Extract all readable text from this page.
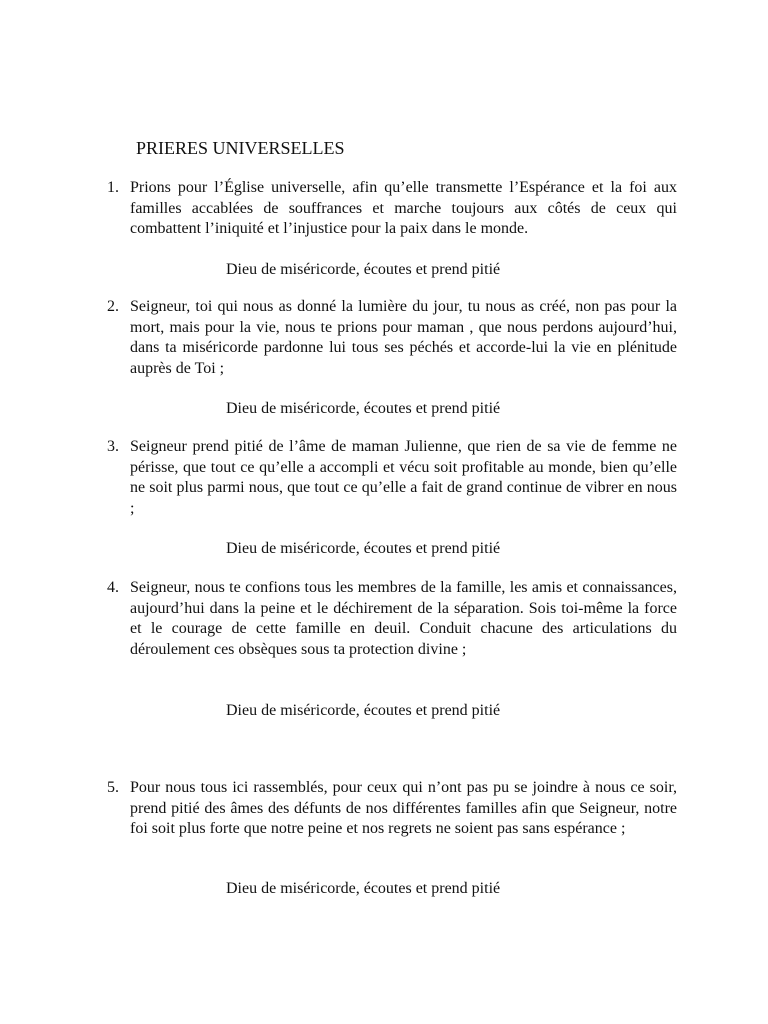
PRIERES UNIVERSELLES
1. Prions pour l’Église universelle, afin qu’elle transmette l’Espérance et la foi aux familles accablées de souffrances et marche toujours aux côtés de ceux qui combattent l’iniquité et l’injustice pour la paix dans le monde.
Dieu de miséricorde, écoutes et prend pitié
2. Seigneur, toi qui nous as donné la lumière du jour, tu nous as créé, non pas pour la mort, mais pour la vie, nous te prions pour maman , que nous perdons aujourd’hui, dans ta miséricorde pardonne lui tous ses péchés et accorde-lui la vie en plénitude auprès de Toi ;
Dieu de miséricorde, écoutes et prend pitié
3. Seigneur prend pitié de l’âme de maman Julienne, que rien de sa vie de femme ne périsse, que tout ce qu’elle a accompli et vécu soit profitable au monde, bien qu’elle ne soit plus parmi nous, que tout ce qu’elle a fait de grand continue de vibrer en nous ;
Dieu de miséricorde, écoutes et prend pitié
4. Seigneur, nous te confions tous les membres de la famille, les amis et connaissances, aujourd’hui dans la peine et le déchirement de la séparation. Sois toi-même la force et le courage de cette famille en deuil. Conduit chacune des articulations du déroulement ces obsèques sous ta protection divine ;
Dieu de miséricorde, écoutes et prend pitié
5. Pour nous tous ici rassemblés, pour ceux qui n’ont pas pu se joindre à nous ce soir, prend pitié des âmes des défunts de nos différentes familles afin que Seigneur, notre foi soit plus forte que notre peine et nos regrets ne soient pas sans espérance ;
Dieu de miséricorde, écoutes et prend pitié
